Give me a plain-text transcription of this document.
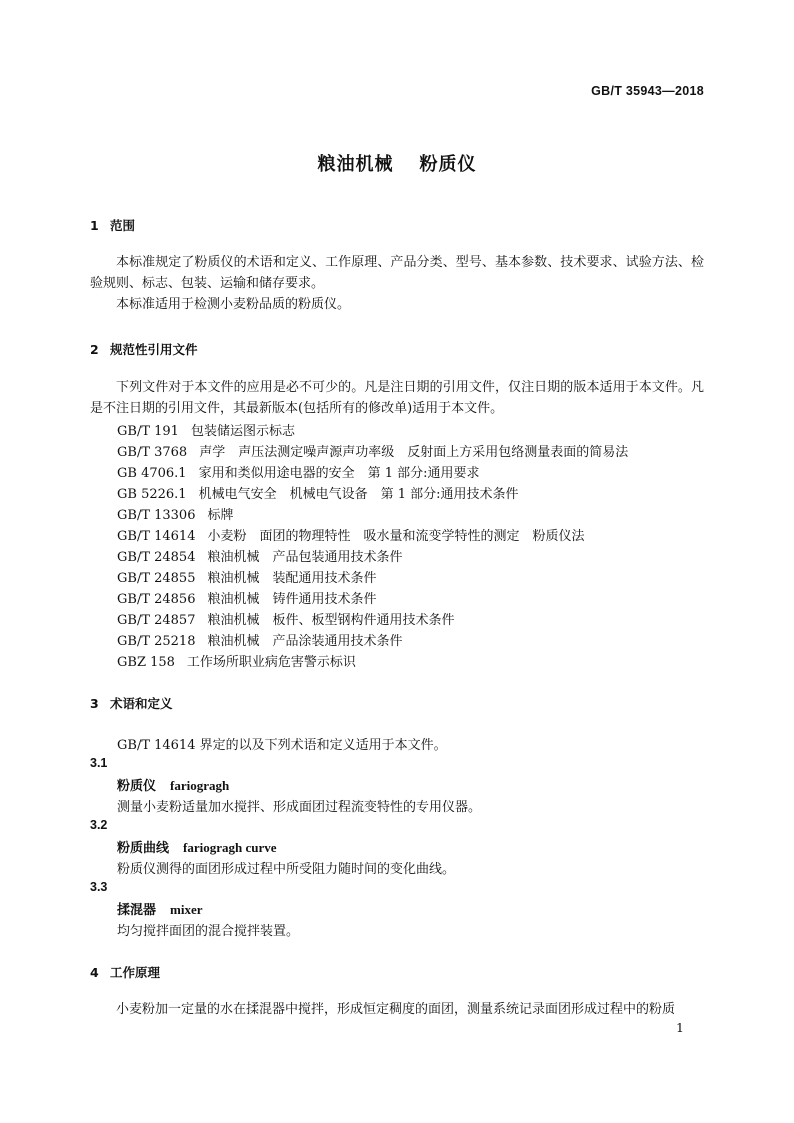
GB/T 35943—2018
粮油机械 粉质仪
1 范围

本标准规定了粉质仪的术语和定义、工作原理、产品分类、型号、基本参数、技术要求、试验方法、检验规则、标志、包装、运输和储存要求。

本标准适用于检测小麦粉品质的粉质仪。

2 规范性引用文件

下列文件对于本文件的应用是必不可少的。凡是注日期的引用文件，仅注日期的版本适用于本文件。凡是不注日期的引用文件，其最新版本(包括所有的修改单)适用于本文件。

GB/T 191 包装储运图示标志
GB/T 3768 声学　声压法测定噪声源声功率级　反射面上方采用包络测量表面的简易法
GB 4706.1 家用和类似用途电器的安全　第 1 部分:通用要求
GB 5226.1 机械电气安全　机械电气设备　第 1 部分:通用技术条件
GB/T 13306 标牌
GB/T 14614 小麦粉　面团的物理特性　吸水量和流变学特性的测定　粉质仪法
GB/T 24854 粮油机械　产品包装通用技术条件
GB/T 24855 粮油机械　装配通用技术条件
GB/T 24856 粮油机械　铸件通用技术条件
GB/T 24857 粮油机械　板件、板型钢构件通用技术条件
GB/T 25218 粮油机械　产品涂装通用技术条件
GBZ 158 工作场所职业病危害警示标识
3 术语和定义
GB/T 14614 界定的以及下列术语和定义适用于本文件。
3.1
粉质仪 fariogragh
测量小麦粉适量加水搅拌、形成面团过程流变特性的专用仪器。
3.2
粉质曲线 fariogragh curve
粉质仪测得的面团形成过程中所受阻力随时间的变化曲线。
3.3
揉混器 mixer
均匀搅拌面团的混合搅拌装置。
4 工作原理

小麦粉加一定量的水在揉混器中搅拌，形成恒定稠度的面团，测量系统记录面团形成过程中的粉质

1
